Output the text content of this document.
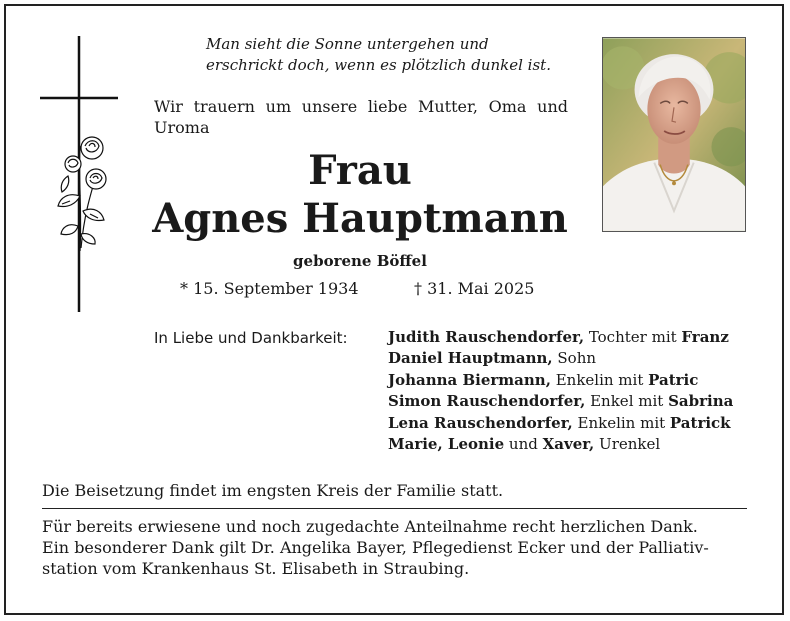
Man sieht die Sonne untergehen und
erschrickt doch, wenn es plötzlich dunkel ist.
Wir trauern um unsere liebe Mutter, Oma und Uroma
Frau
Agnes Hauptmann
geborene Böffel
* 15. September 1934	† 31. Mai 2025
In Liebe und Dankbarkeit:	Judith Rauschendorfer, Tochter mit Franz
Daniel Hauptmann, Sohn
Johanna Biermann, Enkelin mit Patric
Simon Rauschendorfer, Enkel mit Sabrina
Lena Rauschendorfer, Enkelin mit Patrick
Marie, Leonie und Xaver, Urenkel
Die Beisetzung findet im engsten Kreis der Familie statt.
Für bereits erwiesene und noch zugedachte Anteilnahme recht herzlichen Dank.
Ein besonderer Dank gilt Dr. Angelika Bayer, Pflegedienst Ecker und der Palliativ-
station vom Krankenhaus St. Elisabeth in Straubing.
